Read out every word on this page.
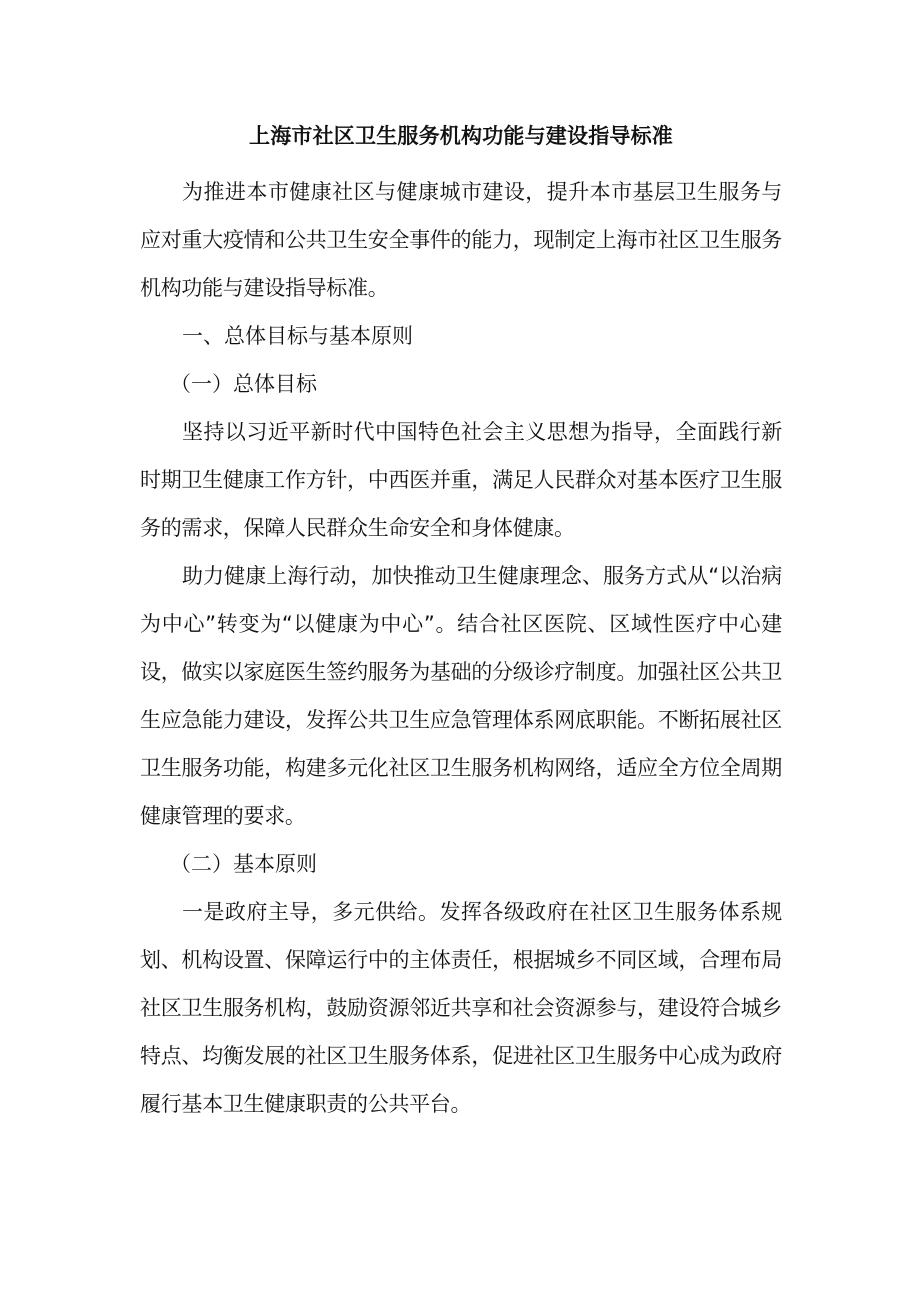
上海市社区卫生服务机构功能与建设指导标准

为推进本市健康社区与健康城市建设，提升本市基层卫生服务与应对重大疫情和公共卫生安全事件的能力，现制定上海市社区卫生服务机构功能与建设指导标准。

一、总体目标与基本原则

（一）总体目标

坚持以习近平新时代中国特色社会主义思想为指导，全面践行新时期卫生健康工作方针，中西医并重，满足人民群众对基本医疗卫生服务的需求，保障人民群众生命安全和身体健康。

助力健康上海行动，加快推动卫生健康理念、服务方式从“以治病为中心”转变为“以健康为中心”。结合社区医院、区域性医疗中心建设，做实以家庭医生签约服务为基础的分级诊疗制度。加强社区公共卫生应急能力建设，发挥公共卫生应急管理体系网底职能。不断拓展社区卫生服务功能，构建多元化社区卫生服务机构网络，适应全方位全周期健康管理的要求。

（二）基本原则

一是政府主导，多元供给。发挥各级政府在社区卫生服务体系规划、机构设置、保障运行中的主体责任，根据城乡不同区域，合理布局社区卫生服务机构，鼓励资源邻近共享和社会资源参与，建设符合城乡特点、均衡发展的社区卫生服务体系，促进社区卫生服务中心成为政府履行基本卫生健康职责的公共平台。
